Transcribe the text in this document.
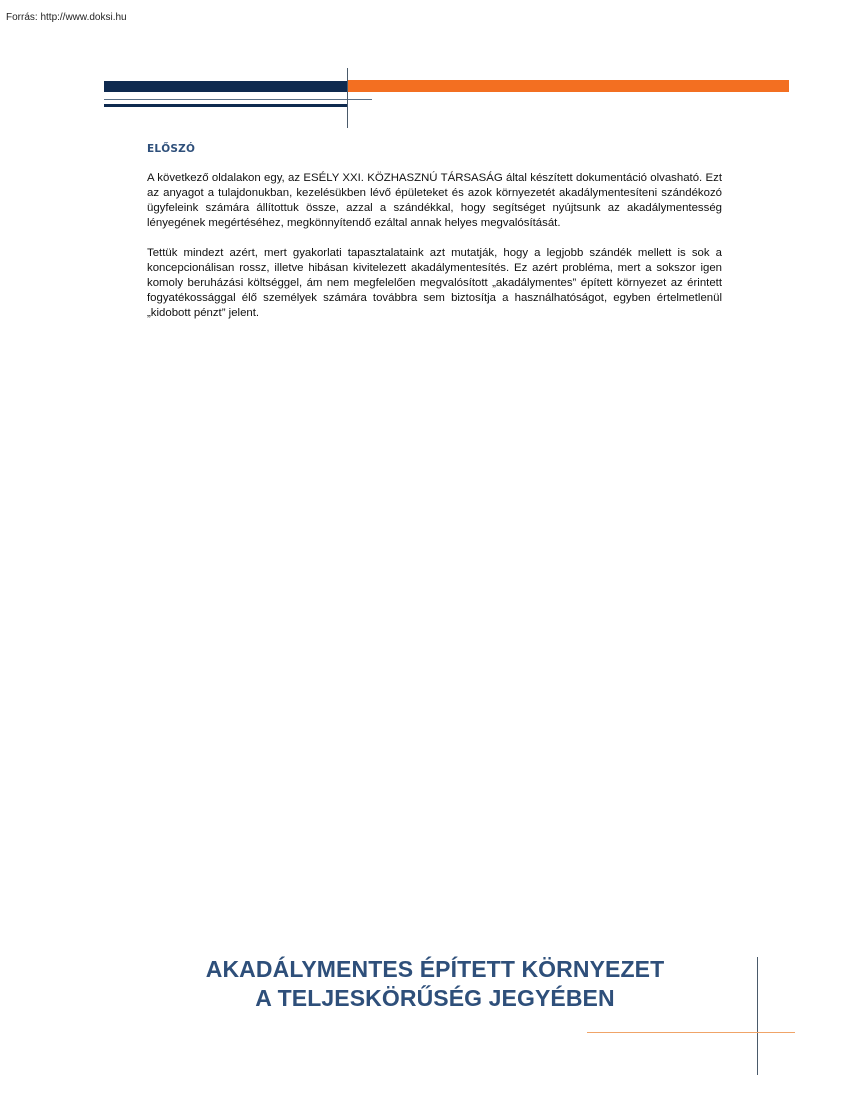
Forrás: http://www.doksi.hu
ELŐSZÓ

A következő oldalakon egy, az ESÉLY XXI. KÖZHASZNÚ TÁRSASÁG által készített dokumentáció olvasható. Ezt az anyagot a tulajdonukban, kezelésükben lévő épületeket és azok környezetét akadálymentesíteni szándékozó ügyfeleink számára állítottuk össze, azzal a szándékkal, hogy segítséget nyújtsunk az akadálymentesség lényegének megértéséhez, megkönnyítendő ezáltal annak helyes megvalósítását.

Tettük mindezt azért, mert gyakorlati tapasztalataink azt mutatják, hogy a legjobb szándék mellett is sok a koncepcionálisan rossz, illetve hibásan kivitelezett akadálymentesítés. Ez azért probléma, mert a sokszor igen komoly beruházási költséggel, ám nem megfelelően megvalósított „akadálymentes” épített környezet az érintett fogyatékossággal élő személyek számára továbbra sem biztosítja a használhatóságot, egyben értelmetlenül „kidobott pénzt” jelent.

AKADÁLYMENTES ÉPÍTETT KÖRNYEZET
A TELJESKÖRŰSÉG JEGYÉBEN
